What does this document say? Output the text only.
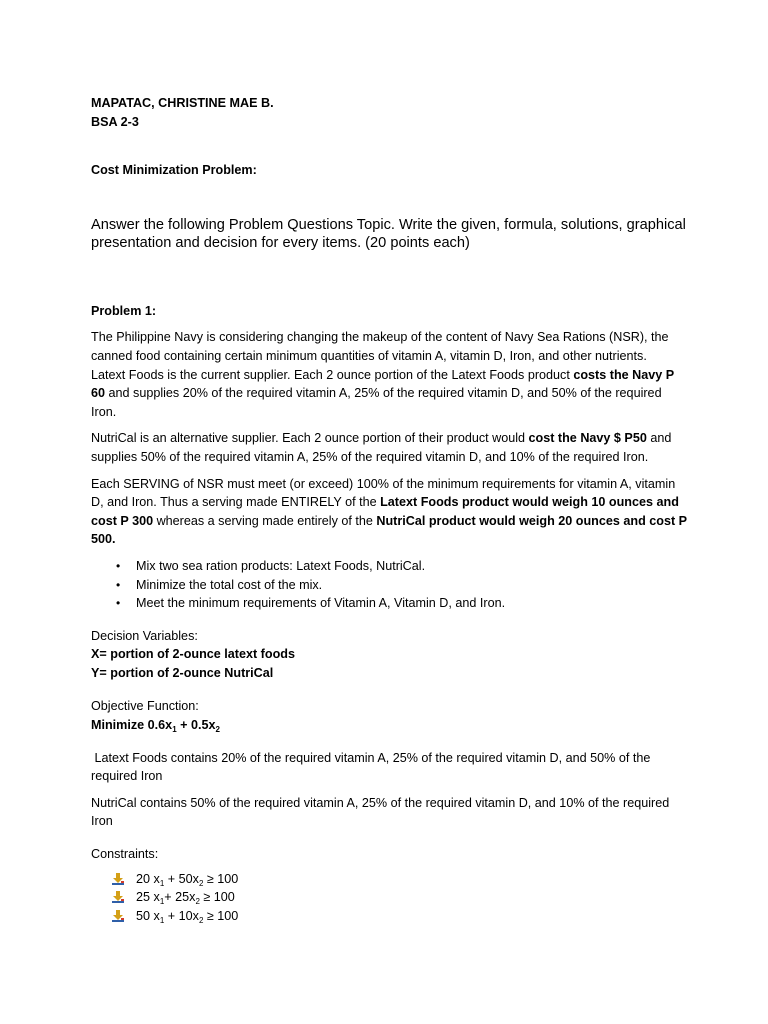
MAPATAC, CHRISTINE MAE B.
BSA 2-3
Cost Minimization Problem:
Answer the following Problem Questions Topic. Write the given, formula, solutions, graphical
presentation and decision for every items. (20 points each)
Problem 1:
The Philippine Navy is considering changing the makeup of the content of Navy Sea Rations (NSR), the
canned food containing certain minimum quantities of vitamin A, vitamin D, Iron, and other nutrients.
Latext Foods is the current supplier. Each 2 ounce portion of the Latext Foods product costs the Navy P
60 and supplies 20% of the required vitamin A, 25% of the required vitamin D, and 50% of the required
Iron.
NutriCal is an alternative supplier. Each 2 ounce portion of their product would cost the Navy $ P50 and
supplies 50% of the required vitamin A, 25% of the required vitamin D, and 10% of the required Iron.
Each SERVING of NSR must meet (or exceed) 100% of the minimum requirements for vitamin A, vitamin
D, and Iron. Thus a serving made ENTIRELY of the Latext Foods product would weigh 10 ounces and
cost P 300 whereas a serving made entirely of the NutriCal product would weigh 20 ounces and cost P
500.
• Mix two sea ration products: Latext Foods, NutriCal.
• Minimize the total cost of the mix.
• Meet the minimum requirements of Vitamin A, Vitamin D, and Iron.
Decision Variables:
X= portion of 2-ounce latext foods
Y= portion of 2-ounce NutriCal
Objective Function:
Minimize $0.6x_1 + 0.5x_2$
Latext Foods contains 20% of the required vitamin A, 25% of the required vitamin D, and 50% of the
required Iron
NutriCal contains 50% of the required vitamin A, 25% of the required vitamin D, and 10% of the required
Iron
Constraints:
20 $x_1 + 50x_2 \ge 100$
25 $x_1+ 25x_2 \ge 100$
50 $x_1 + 10x_2 \ge 100$
